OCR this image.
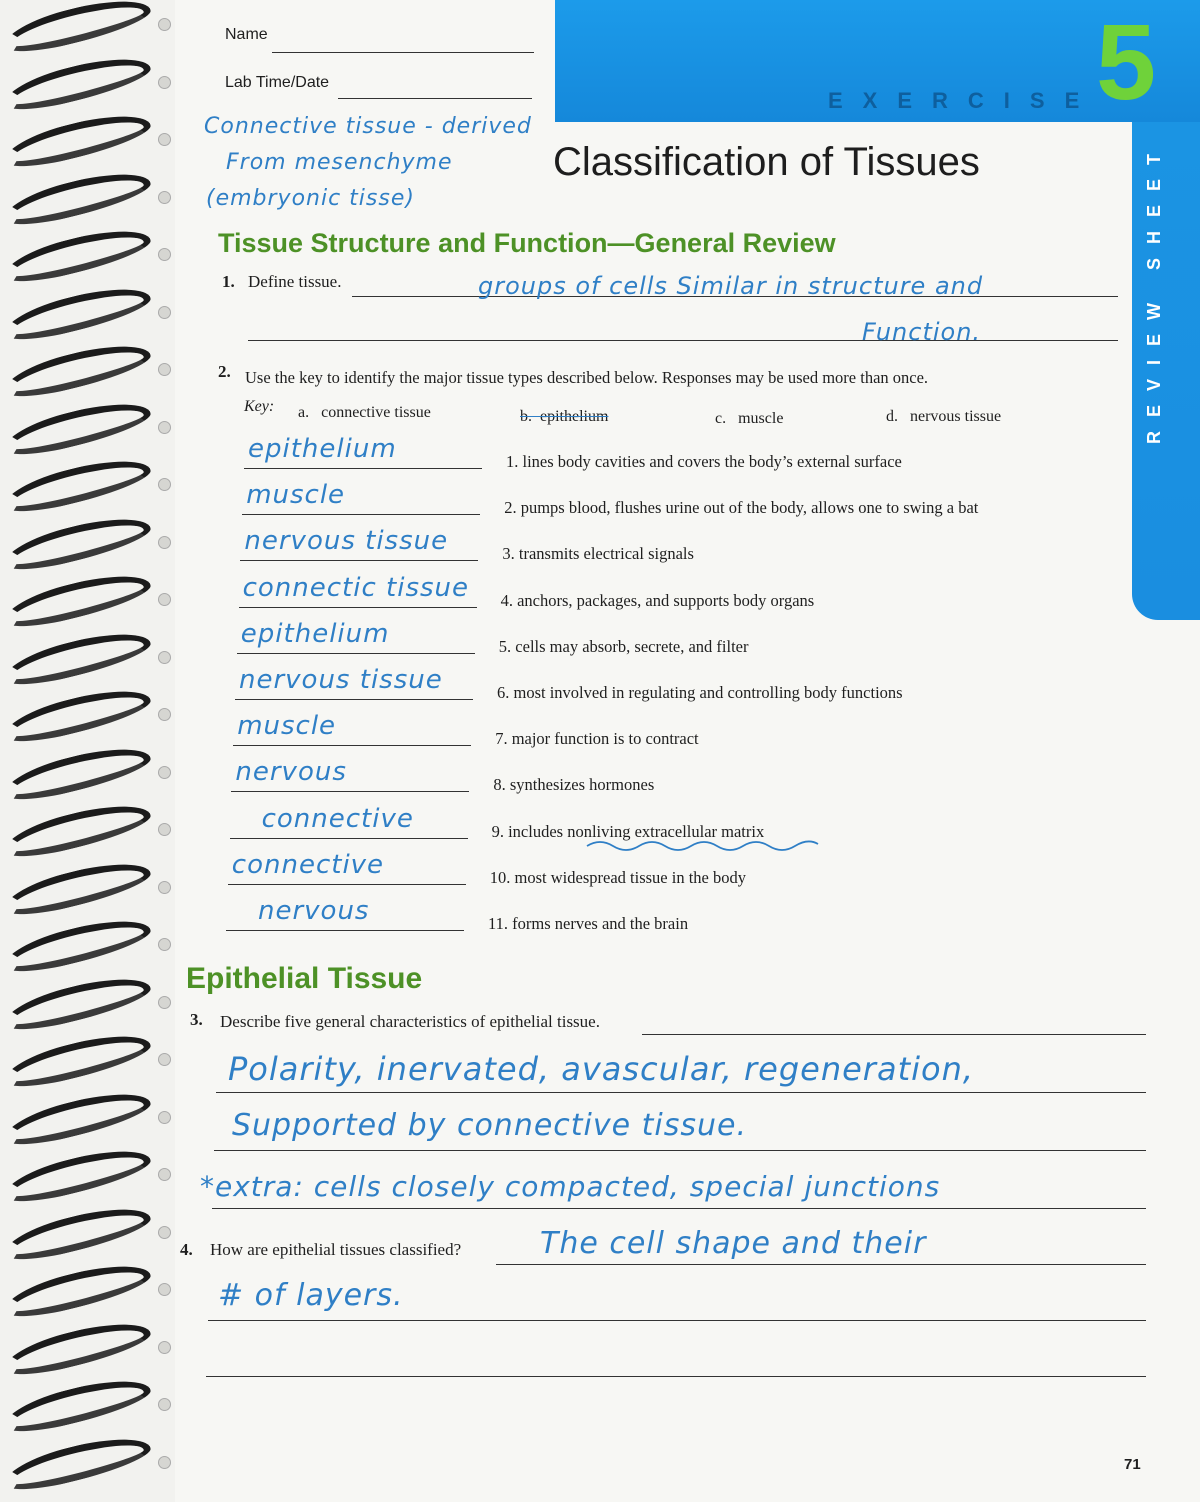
Name
Lab Time/Date
EXERCISE
5
REVIEW SHEET
Connective tissue - derived
From mesenchyme
(embryonic tisse)
Classification of Tissues
Tissue Structure and Function—General Review
1. Define tissue.	groups of cells Similar in structure and
Function.
2. Use the key to identify the major tissue types described below. Responses may be used more than once.
Key: a.   connective tissue	b.  epithelium	c.   muscle	d.   nervous tissue
epithelium	1. lines body cavities and covers the body’s external surface
muscle	2. pumps blood, flushes urine out of the body, allows one to swing a bat
nervous tissue	3. transmits electrical signals
connectic tissue 4. anchors, packages, and supports body organs
epithelium	5. cells may absorb, secrete, and filter
nervous tissue	6. most involved in regulating and controlling body functions
muscle	7. major function is to contract
nervous	8. synthesizes hormones
connective	9. includes nonliving extracellular matrix
connective	10. most widespread tissue in the body
nervous	11. forms nerves and the brain
Epithelial Tissue
3. Describe five general characteristics of epithelial tissue.
Polarity, inervated, avascular, regeneration,
Supported by connective tissue.
*extra: cells closely compacted, special junctions
4. How are epithelial tissues classified?	The cell shape and their
# of layers.
71
